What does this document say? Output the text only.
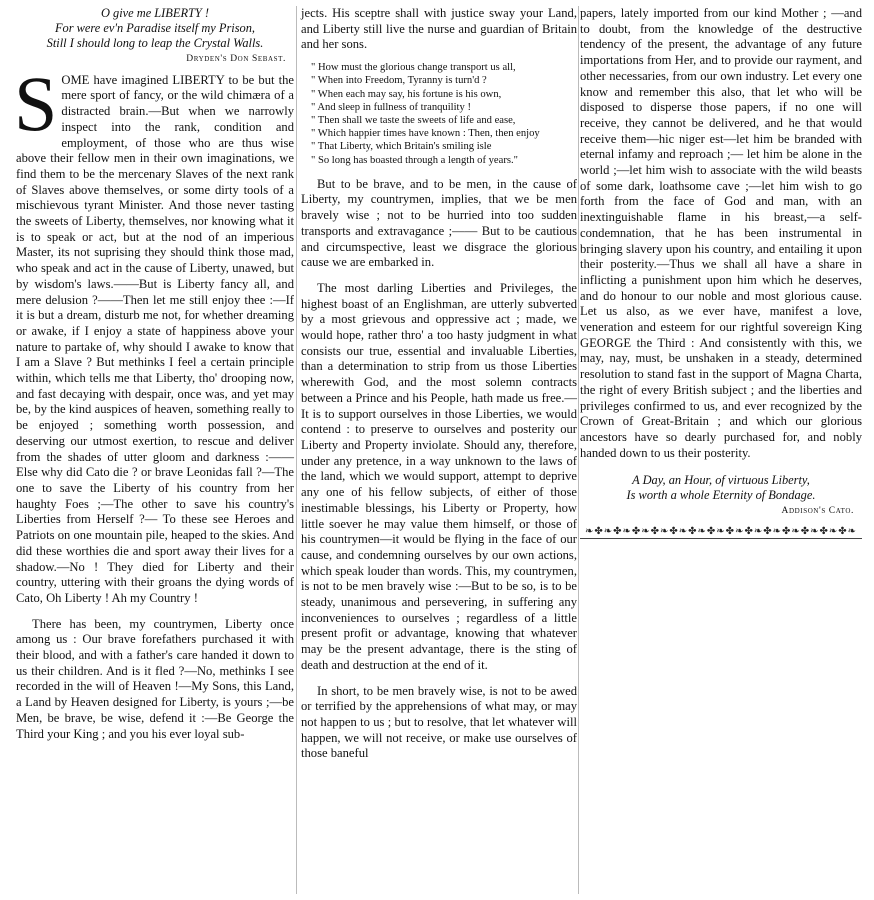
O give me LIBERTY !
For were ev'n Paradise itself my Prison,
Still I should long to leap the Crystal Walls.
Dryden's Don Sebast.

SOME have imagined LIBERTY to be but the mere sport of fancy, or the wild chimæra of a distracted brain.—But when we narrowly inspect into the rank, condition and employment, of those who are thus wise above their fellow men in their own imaginations, we find them to be the mercenary Slaves of the next rank of Slaves above themselves, or some dirty tools of a mischievous tyrant Minister. And those never tasting the sweets of Liberty, themselves, nor knowing what it is to speak or act, but at the nod of an imperious Master, its not suprising they should think those mad, who speak and act in the cause of Liberty, unawed, but by wisdom's laws.——But is Liberty fancy all, and mere delusion ?——Then let me still enjoy thee :—If it is but a dream, disturb me not, for whether dreaming or awake, if I enjoy a state of happiness above your nature to partake of, why should I awake to know that I am a Slave ? But methinks I feel a certain principle within, which tells me that Liberty, tho' drooping now, and fast decaying with despair, once was, and yet may be, by the kind auspices of heaven, something really to be enjoyed ; something worth possession, and deserving our utmost exertion, to rescue and deliver from the shades of utter gloom and darkness :—— Else why did Cato die ? or brave Leonidas fall ?—The one to save the Liberty of his country from her haughty Foes ;—The other to save his country's Liberties from Herself ?— To these see Heroes and Patriots on one mountain pile, heaped to the skies. And did these worthies die and sport away their lives for a shadow.—No ! They died for Liberty and their country, uttering with their groans the dying words of Cato, Oh Liberty ! Ah my Country !

There has been, my countrymen, Liberty once among us : Our brave forefathers purchased it with their blood, and with a father's care handed it down to us their children. And is it fled ?—No, methinks I see recorded in the will of Heaven !—My Sons, this Land, a Land by Heaven designed for Liberty, is yours ;—be Men, be brave, be wise, defend it :—Be George the Third your King ; and you his ever loyal sub-

jects. His sceptre shall with justice sway your Land, and Liberty still live the nurse and guardian of Britain and her sons.

" How must the glorious change transport us all,
" When into Freedom, Tyranny is turn'd ?
" When each may say, his fortune is his own,
" And sleep in fullness of tranquility !
" Then shall we taste the sweets of life and ease,
" Which happier times have known : Then, then enjoy
" That Liberty, which Britain's smiling isle
" So long has boasted through a length of years."

But to be brave, and to be men, in the cause of Liberty, my countrymen, implies, that we be men bravely wise ; not to be hurried into too sudden transports and extravagance ;—— But to be cautious and circumspective, least we disgrace the glorious cause we are embarked in.

The most darling Liberties and Privileges, the highest boast of an Englishman, are utterly subverted by a most grievous and oppressive act ; made, we would hope, rather thro' a too hasty judgment in what consists our true, essential and invaluable Liberties, than a determination to strip from us those Liberties wherewith God, and the most solemn contracts between a Prince and his People, hath made us free.—It is to support ourselves in those Liberties, we would contend : to preserve to ourselves and posterity our Liberty and Property inviolate. Should any, therefore, under any pretence, in a way unknown to the laws of the land, which we would support, attempt to deprive any one of his fellow subjects, of either of those inestimable blessings, his Liberty or Property, how little soever he may value them himself, or those of his countrymen—it would be flying in the face of our cause, and condemning ourselves by our own actions, which speak louder than words. This, my countrymen, is not to be men bravely wise :—But to be so, is to be steady, unanimous and persevering, in suffering any inconveniences to ourselves ; regardless of a little present profit or advantage, knowing that whatever may be the present advantage, there is the sting of death and destruction at the end of it.

In short, to be men bravely wise, is not to be awed or terrified by the apprehensions of what may, or may not happen to us ; but to resolve, that let whatever will happen, we will not receive, or make use ourselves of those baneful

papers, lately imported from our kind Mother ; —and to doubt, from the knowledge of the destructive tendency of the present, the advantage of any future importations from Her, and to provide our rayment, and other necessaries, from our own industry. Let every one know and remember this also, that let who will be disposed to disperse those papers, if no one will receive, they cannot be delivered, and he that would receive them—hic niger est—let him be branded with eternal infamy and reproach ;— let him be alone in the world ;—let him wish to associate with the wild beasts of some dark, loathsome cave ;—let him wish to go forth from the face of God and man, with an inextinguishable flame in his breast,—a self-condemnation, that he has been instrumental in bringing slavery upon his country, and entailing it upon their posterity.—Thus we shall all have a share in inflicting a punishment upon him which he deserves, and do honour to our noble and most glorious cause. Let us also, as we ever have, manifest a love, veneration and esteem for our rightful sovereign King GEORGE the Third : And consistently with this, we may, nay, must, be unshaken in a steady, determined resolution to stand fast in the support of Magna Charta, the right of every British subject ; and the liberties and privileges confirmed to us, and ever recognized by the Crown of Great-Britain ; and which our glorious ancestors have so dearly purchased for, and nobly handed down to us their posterity.

A Day, an Hour, of virtuous Liberty,
Is worth a whole Eternity of Bondage.
Addison's Cato.
❧✤❧✤❧✤❧✤❧✤❧✤❧✤❧✤❧✤❧✤❧✤❧✤❧✤❧✤❧
